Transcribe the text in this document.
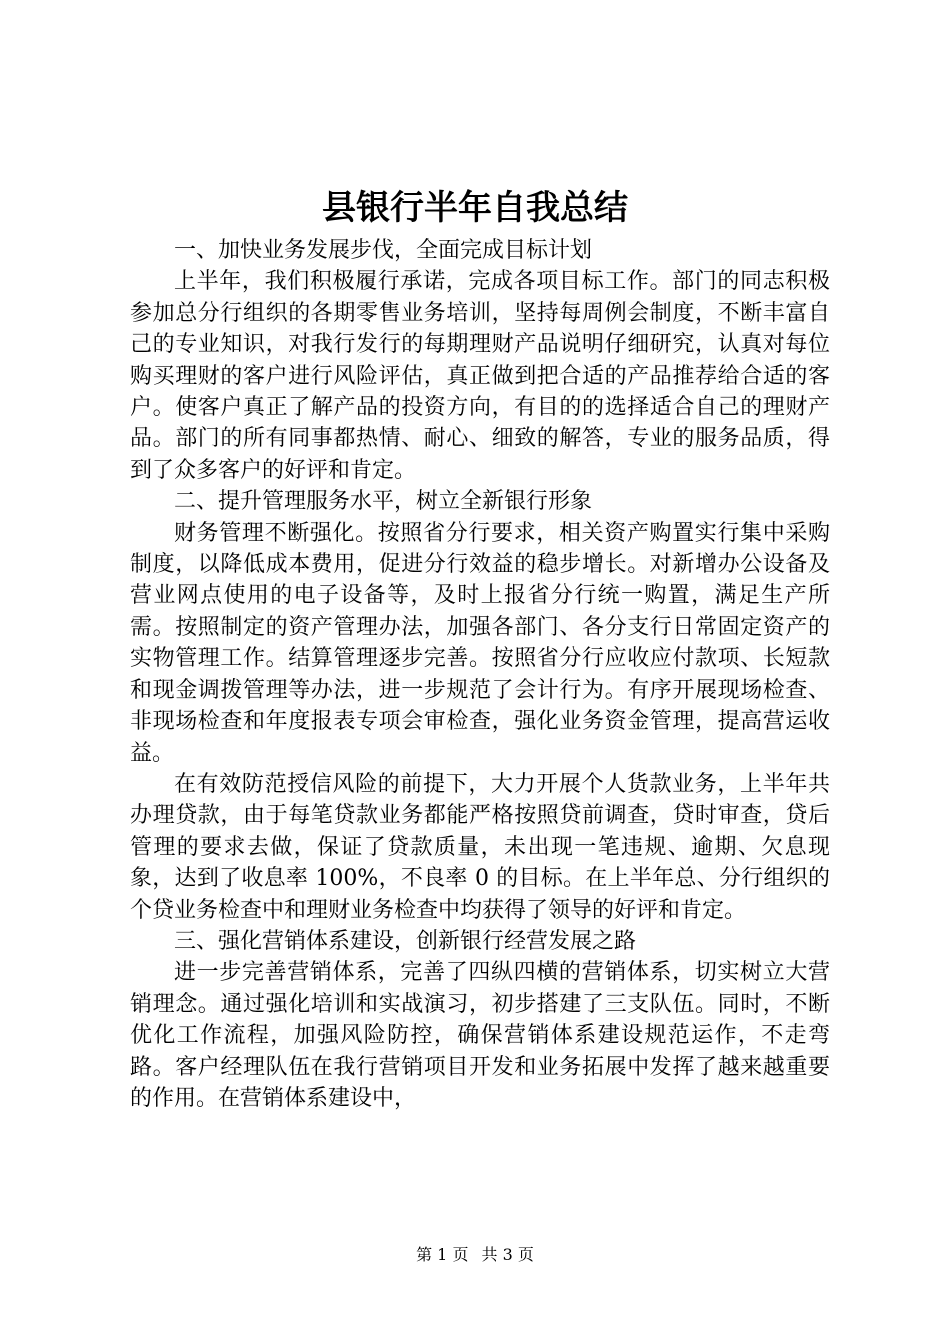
县银行半年自我总结

一、加快业务发展步伐，全面完成目标计划

上半年，我们积极履行承诺，完成各项目标工作。部门的同志积极参加总分行组织的各期零售业务培训，坚持每周例会制度，不断丰富自己的专业知识，对我行发行的每期理财产品说明仔细研究，认真对每位购买理财的客户进行风险评估，真正做到把合适的产品推荐给合适的客户。使客户真正了解产品的投资方向，有目的的选择适合自己的理财产品。部门的所有同事都热情、耐心、细致的解答，专业的服务品质，得到了众多客户的好评和肯定。

二、提升管理服务水平，树立全新银行形象

财务管理不断强化。按照省分行要求，相关资产购置实行集中采购制度，以降低成本费用，促进分行效益的稳步增长。对新增办公设备及营业网点使用的电子设备等，及时上报省分行统一购置，满足生产所需。按照制定的资产管理办法，加强各部门、各分支行日常固定资产的实物管理工作。结算管理逐步完善。按照省分行应收应付款项、长短款和现金调拨管理等办法，进一步规范了会计行为。有序开展现场检查、非现场检查和年度报表专项会审检查，强化业务资金管理，提高营运收益。

在有效防范授信风险的前提下，大力开展个人货款业务，上半年共办理贷款，由于每笔贷款业务都能严格按照贷前调查，贷时审查，贷后管理的要求去做，保证了贷款质量，未出现一笔违规、逾期、欠息现象，达到了收息率 100%，不良率 0 的目标。在上半年总、分行组织的个贷业务检查中和理财业务检查中均获得了领导的好评和肯定。

三、强化营销体系建设，创新银行经营发展之路

进一步完善营销体系，完善了四纵四横的营销体系，切实树立大营销理念。通过强化培训和实战演习，初步搭建了三支队伍。同时，不断优化工作流程，加强风险防控，确保营销体系建设规范运作，不走弯路。客户经理队伍在我行营销项目开发和业务拓展中发挥了越来越重要的作用。在营销体系建设中，

第 1 页 共 3 页
